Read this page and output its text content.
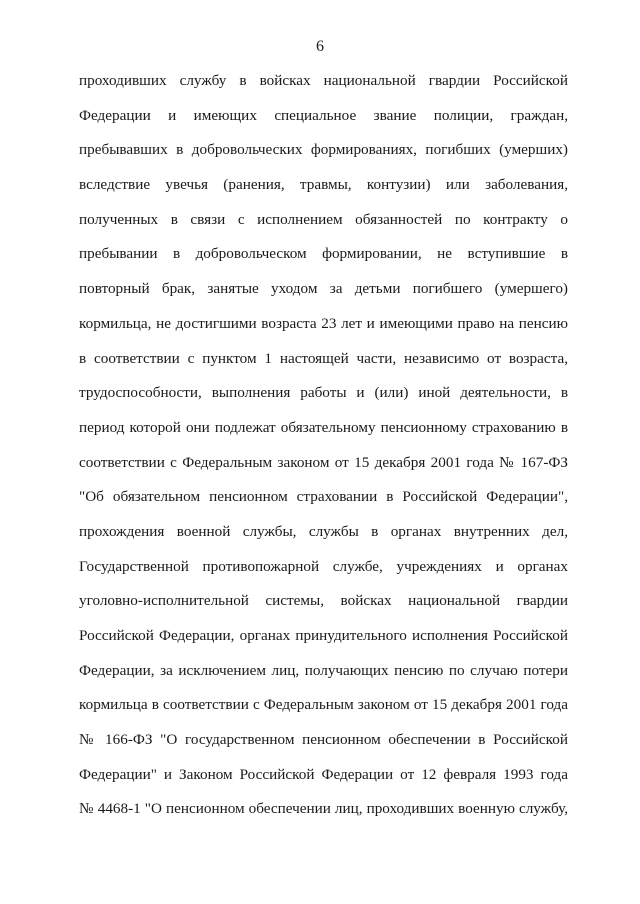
6
проходивших службу в войсках национальной гвардии Российской
Федерации и имеющих специальное звание полиции, граждан,
пребывавших в добровольческих формированиях, погибших (умерших)
вследствие увечья (ранения, травмы, контузии) или заболевания,
полученных в связи с исполнением обязанностей по контракту о
пребывании в добровольческом формировании, не вступившие в
повторный брак, занятые уходом за детьми погибшего (умершего)
кормильца, не достигшими возраста 23 лет и имеющими право на пенсию
в соответствии с пунктом 1 настоящей части, независимо от возраста,
трудоспособности, выполнения работы и (или) иной деятельности, в
период которой они подлежат обязательному пенсионному страхованию в
соответствии с Федеральным законом от 15 декабря 2001 года № 167-ФЗ
"Об обязательном пенсионном страховании в Российской Федерации",
прохождения военной службы, службы в органах внутренних дел,
Государственной противопожарной службе, учреждениях и органах
уголовно-исполнительной системы, войсках национальной гвардии
Российской Федерации, органах принудительного исполнения Российской
Федерации, за исключением лиц, получающих пенсию по случаю потери
кормильца в соответствии с Федеральным законом от 15 декабря 2001 года
№ 166-ФЗ "О государственном пенсионном обеспечении в Российской
Федерации" и Законом Российской Федерации от 12 февраля 1993 года
№ 4468-1 "О пенсионном обеспечении лиц, проходивших военную службу,
